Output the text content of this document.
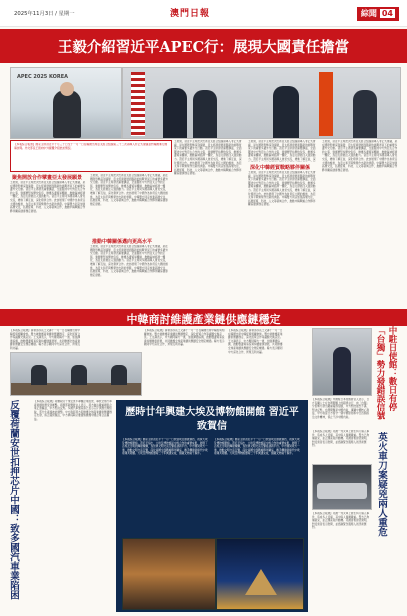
2025年11月3日 / 星期一	澳門日報	綜聞 04
王毅介紹習近平APEC行：展現大國責任擔當
APEC 2025 KOREA
【本報綜合報道】國家主席習近平十月三十日至十一月一日在韓國出席亞太經合組織第三十二次領導人非正式會議並對韓國進行國事訪問。外交部長王毅向中外媒體介紹此訪情況。
聚焦開放合作擘畫亞太發展願景
王毅說，習近平主席此次出席亞太經合組織領導人非正式會議，是在國際形勢深刻演變、亞太經濟發展面臨新的挑戰背景下的重要多邊外交行動。習近平主席發表重要講話，全面闡述中方對亞太合作的主張，強調要堅持開放包容，維護多邊貿易體制，推動區域經濟一體化，為亞太發展注入強勁動力。習近平主席同多國領導人會見交流，增進了解互信，深化務實合作。此訪展現了中國作為負責任大國的擔當，為亞太和平與繁榮作出新的貢獻。中韓雙方同意加強高層交往，拓展經貿、科技、人文等領域合作，推動中韓戰略合作夥伴關係健康穩定發展。
王毅說，習近平主席此次出席亞太經合組織領導人非正式會議，是在國際形勢深刻演變、亞太經濟發展面臨新的挑戰背景下的重要多邊外交行動。習近平主席發表重要講話，全面闡述中方對亞太合作的主張，強調要堅持開放包容，維護多邊貿易體制，推動區域經濟一體化，為亞太發展注入強勁動力。習近平主席同多國領導人會見交流，增進了解互信，深化務實合作。此訪展現了中國作為負責任大國的擔當，為亞太和平與繁榮作出新的貢獻。中韓雙方同意加強高層交往，拓展經貿、科技、人文等領域合作，推動中韓戰略合作夥伴關係健康穩定發展。
推動中韓關係邁向更高水平
王毅說，習近平主席此次出席亞太經合組織領導人非正式會議，是在國際形勢深刻演變、亞太經濟發展面臨新的挑戰背景下的重要多邊外交行動。習近平主席發表重要講話，全面闡述中方對亞太合作的主張，強調要堅持開放包容，維護多邊貿易體制，推動區域經濟一體化，為亞太發展注入強勁動力。習近平主席同多國領導人會見交流，增進了解互信，深化務實合作。此訪展現了中國作為負責任大國的擔當，為亞太和平與繁榮作出新的貢獻。中韓雙方同意加強高層交往，拓展經貿、科技、人文等領域合作，推動中韓戰略合作夥伴關係健康穩定發展。
王毅說，習近平主席此次出席亞太經合組織領導人非正式會議，是在國際形勢深刻演變、亞太經濟發展面臨新的挑戰背景下的重要多邊外交行動。習近平主席發表重要講話，全面闡述中方對亞太合作的主張，強調要堅持開放包容，維護多邊貿易體制，推動區域經濟一體化，為亞太發展注入強勁動力。習近平主席同多國領導人會見交流，增進了解互信，深化務實合作。此訪展現了中國作為負責任大國的擔當，為亞太和平與繁榮作出新的貢獻。中韓雙方同意加強高層交往，拓展經貿、科技、人文等領域合作，推動中韓戰略合作夥伴關係健康穩定發展。
王毅說，習近平主席此次出席亞太經合組織領導人非正式會議，是在國際形勢深刻演變、亞太經濟發展面臨新的挑戰背景下的重要多邊外交行動。習近平主席發表重要講話，全面闡述中方對亞太合作的主張，強調要堅持開放包容，維護多邊貿易體制，推動區域經濟一體化，為亞太發展注入強勁動力。習近平主席同多國領導人會見交流，增進了解互信，深
深化中韓經貿戰略夥伴關係
王毅說，習近平主席此次出席亞太經合組織領導人非正式會議，是在國際形勢深刻演變、亞太經濟發展面臨新的挑戰背景下的重要多邊外交行動。習近平主席發表重要講話，全面闡述中方對亞太合作的主張，強調要堅持開放包容，維護多邊貿易體制，推動區域經濟一體化，為亞太發展注入強勁動力。習近平主席同多國領導人會見交流，增進了解互信，深化務實合作。此訪展現了中國作為負責任大國的擔當，為亞太和平與繁榮作出新的貢獻。中韓雙方同意加強高層交往，拓展經貿、科技、人文等領域合作，推動中韓戰略合作夥伴關係健康穩定發展。
王毅說，習近平主席此次出席亞太經合組織領導人非正式會議，是在國際形勢深刻演變、亞太經濟發展面臨新的挑戰背景下的重要多邊外交行動。習近平主席發表重要講話，全面闡述中方對亞太合作的主張，強調要堅持開放包容，維護多邊貿易體制，推動區域經濟一體化，為亞太發展注入強勁動力。習近平主席同多國領導人會見交流，增進了解互信，深化務實合作。此訪展現了中國作為負責任大國的擔當，為亞太和平與繁榮作出新的貢獻。中韓雙方同意加強高層交往，拓展經貿、科技、人文等領域合作，推動中韓戰略合作夥伴關係健康穩定發展。
中韓商討維護產業鏈供應鏈穩定
【本報綜合報道】商務部部長王文濤十一月一日在韓國出席中韓經貿相關會談。雙方就維護產業鏈供應鏈穩定、深化經貿合作等議題交換意見。王文濤表示，中方願同韓方一道，加強溝通協調，推動雙邊貿易投資持續健康發展，共同維護全球產業鏈供應鏈安全穩定暢通。韓方表示願同中方深化合作，實現互利共贏。
【本報綜合報道】商務部部長王文濤十一月一日在韓國出席中韓經貿相關會談。雙方就維護產業鏈供應鏈穩定、深化經貿合作等議題交換意見。王文濤表示，中方願同韓方一道，加強溝通協調，推動雙邊貿易投資持續健康發展，共同維護全球產業鏈供應鏈安全穩定暢通。韓方表示願同中方深化合作，實現互利共贏。
【本報綜合報道】商務部部長王文濤十一月一日在韓國出席中韓經貿相關會談。雙方就維護產業鏈供應鏈穩定、深化經貿合作等議題交換意見。王文濤表示，中方願同韓方一道，加強溝通協調，推動雙邊貿易投資持續健康發展，共同維護全球產業鏈供應鏈安全穩定暢通。韓方表示願同中方深化合作，實現互利共贏。	中駐日使館：數日有停「台獨」勢力發錯誤信號
【本報綜合報道】中國駐日本使館發言人表示，日方有關人士在台灣問題上的錯誤言行，向「台獨」分裂勢力發出嚴重錯誤信號，中方對此強烈不滿、堅決反對。台灣問題是中國內政，事關中國核心利益，中方敦促日方恪守一個中國原則和中日四個政治文件精神，停止干涉中國內政。
反覆荷蘭安世扣押芯片中國：致多國汽車業陷困	【本報綜合報道】荷蘭政府干預安世半導體企業經營，導致全球汽車產業鏈供應受到衝擊。商務部新聞發言人表示，荷方做法嚴重損害企業正當權益，中方堅決反對。多國汽車製造商已表示芯片供應出現短缺，部分生產線被迫調整。中方敦促荷方從維護全球產業鏈供應鏈穩定出發，糾正錯誤做法，中方將採取必要措施維護中國企業合法權益。
歷時廿年興建大埃及博物館開館 習近平致賀信
【本報綜合報道】國家主席習近平十一月一日致信埃及總統塞西，祝賀大埃及博物館開館。習近平指出，大埃及博物館是中埃合作的重要成果，展現了古埃及文明的輝煌燦爛，為世界文明交流互鑒搭建新平台。中方願同埃方一道，推動文明交流互鑒，深化兩國全面戰略夥伴關係，攜手構建新時代中埃命運共同體。大埃及博物館歷時二十年興建完成，館藏文物逾十萬件。
【本報綜合報道】國家主席習近平十一月一日致信埃及總統塞西，祝賀大埃及博物館開館。習近平指出，大埃及博物館是中埃合作的重要成果，展現了古埃及文明的輝煌燦爛，為世界文明交流互鑒搭建新平台。中方願同埃方一道，推動文明交流互鑒，深化兩國全面戰略夥伴關係，攜手構建新時代中埃命運共同體。大埃及博物館歷時二十年興建完成，館藏文物逾十萬件。
【本報綜合報道】英國一列火車上發生持刀傷人事件，造成多人受傷，其中兩人傷勢嚴重。警方已拘捕疑兇，並正調查案件動機。英國首相發表聲明，對受害者表示慰問，並感謝緊急服務人員迅速應對。	英火車刀案疑兇兩人重危
【本報綜合報道】英國一列火車上發生持刀傷人事件，造成多人受傷，其中兩人傷勢嚴重。警方已拘捕疑兇，並正調查案件動機。英國首相發表聲明，對受害者表示慰問，並感謝緊急服務人員迅速應對。
